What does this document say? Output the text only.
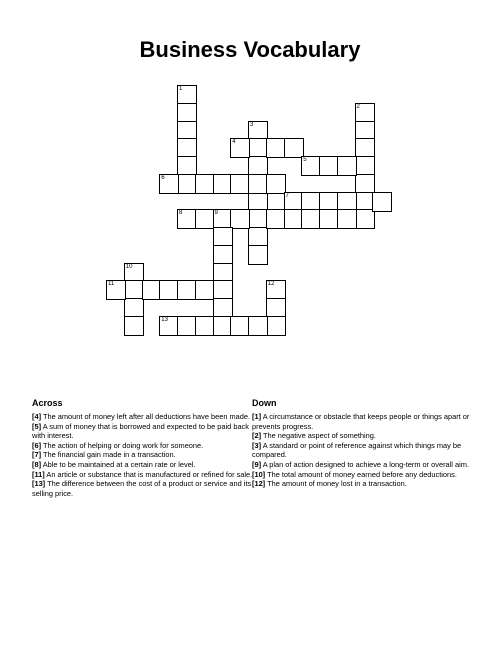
Business Vocabulary
1
2
3
4
5
6
7
8	9
10
11	12
13
Across
[4] The amount of money left after all deductions have been made.
[5] A sum of money that is borrowed and expected to be paid back with interest.
[6] The action of helping or doing work for someone.
[7] The financial gain made in a transaction.
[8] Able to be maintained at a certain rate or level.
[11] An article or substance that is manufactured or refined for sale.
[13] The difference between the cost of a product or service and its selling price.
Down
[1] A circumstance or obstacle that keeps people or things apart or prevents progress.
[2] The negative aspect of something.
[3] A standard or point of reference against which things may be compared.
[9] A plan of action designed to achieve a long-term or overall aim.
[10] The total amount of money earned before any deductions.
[12] The amount of money lost in a transaction.
